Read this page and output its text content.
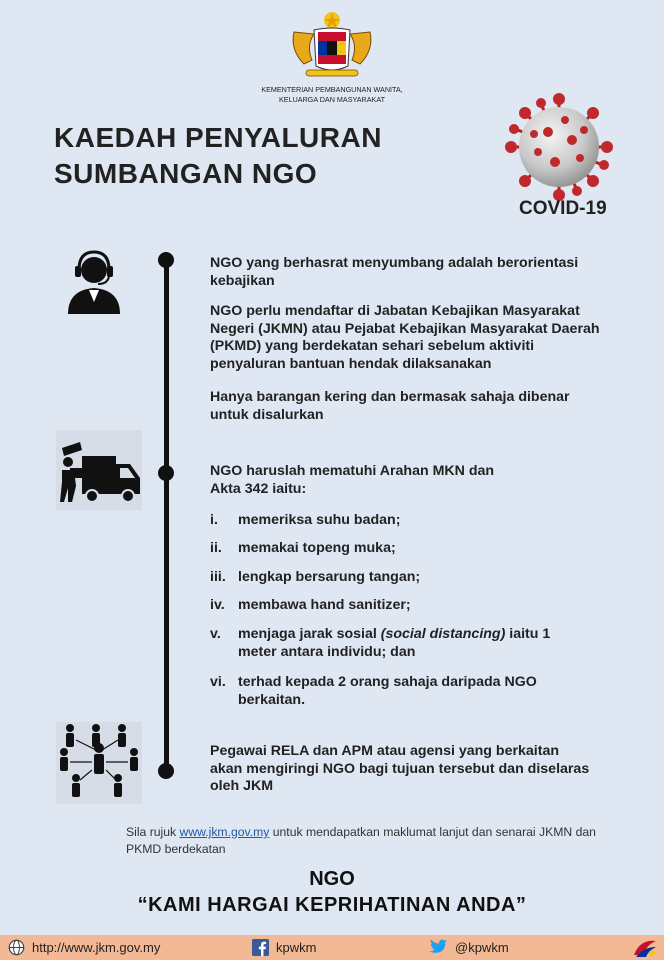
KEMENTERIAN PEMBANGUNAN WANITA,
KELUARGA DAN MASYARAKAT
KAEDAH PENYALURAN
SUMBANGAN NGO
COVID-19
NGO yang berhasrat menyumbang adalah berorientasi kebajikan
NGO perlu mendaftar di Jabatan Kebajikan Masyarakat Negeri (JKMN) atau Pejabat Kebajikan Masyarakat Daerah (PKMD) yang berdekatan sehari sebelum aktiviti penyaluran bantuan hendak dilaksanakan
Hanya barangan kering dan bermasak sahaja dibenar untuk disalurkan
NGO haruslah mematuhi Arahan MKN dan Akta 342 iaitu:
i. memeriksa suhu badan;
ii. memakai topeng muka;
iii. lengkap bersarung tangan;
iv. membawa hand sanitizer;
v. menjaga jarak sosial (social distancing) iaitu 1 meter antara individu; dan
vi. terhad kepada 2 orang sahaja daripada NGO berkaitan.
Pegawai RELA dan APM atau agensi yang berkaitan akan mengiringi NGO bagi tujuan tersebut dan diselaras oleh JKM
Sila rujuk www.jkm.gov.my untuk mendapatkan maklumat lanjut dan senarai JKMN dan PKMD berdekatan
NGO
“KAMI HARGAI KEPRIHATINAN ANDA”
http://www.jkm.gov.my	kpwkm	@kpwkm
